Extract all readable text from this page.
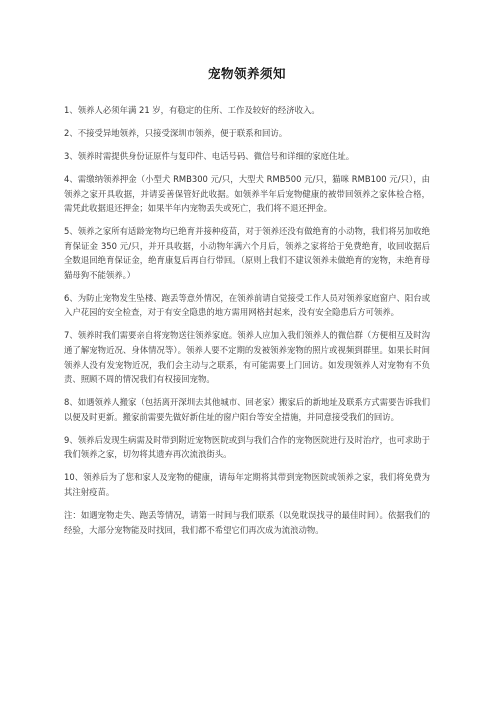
宠物领养须知
1、领养人必须年满 21 岁，有稳定的住所、工作及较好的经济收入。
2、不接受异地领养，只接受深圳市领养，便于联系和回访。
3、领养时需提供身份证原件与复印件、电话号码、微信号和详细的家庭住址。
4、需缴纳领养押金（小型犬 RMB300 元/只，大型犬 RMB500 元/只，猫咪 RMB100 元/只），由领养之家开具收据，并请妥善保管好此收据。如领养半年后宠物健康的被带回领养之家体检合格，需凭此收据退还押金；如果半年内宠物丢失或死亡，我们将不退还押金。
5、领养之家所有适龄宠物均已绝育并接种疫苗，对于领养还没有做绝育的小动物，我们将另加收绝育保证金 350 元/只，并开具收据，小动物年满六个月后，领养之家将给于免费绝育，收回收据后全数退回绝育保证金，绝育康复后再自行带回。（原则上我们不建议领养未做绝育的宠物，未绝育母猫母狗不能领养。）
6、为防止宠物发生坠楼、跑丢等意外情况，在领养前请自觉接受工作人员对领养家庭窗户、阳台或入户花园的安全检查，对于有安全隐患的地方需用网格封起来，没有安全隐患后方可领养。
7、领养时我们需要亲自将宠物送往领养家庭。领养人应加入我们领养人的微信群（方便相互及时沟通了解宠物近况、身体情况等）。领养人要不定期的发被领养宠物的照片或视频到群里。如果长时间领养人没有发宠物近况，我们会主动与之联系，有可能需要上门回访。如发现领养人对宠物有不负责、照顾不周的情况我们有权接回宠物。
8、如遇领养人搬家（包括离开深圳去其他城市、回老家）搬家后的新地址及联系方式需要告诉我们以便及时更新。搬家前需要先做好新住址的窗户阳台等安全措施，并同意接受我们的回访。
9、领养后发现生病需及时带到附近宠物医院或到与我们合作的宠物医院进行及时治疗，也可求助于我们领养之家，切勿将其遗弃再次流浪街头。
10、领养后为了您和家人及宠物的健康，请每年定期将其带到宠物医院或领养之家，我们将免费为其注射疫苗。
注：如遇宠物走失、跑丢等情况，请第一时间与我们联系（以免耽误找寻的最佳时间）。依据我们的经验，大部分宠物能及时找回，我们都不希望它们再次成为流浪动物。
